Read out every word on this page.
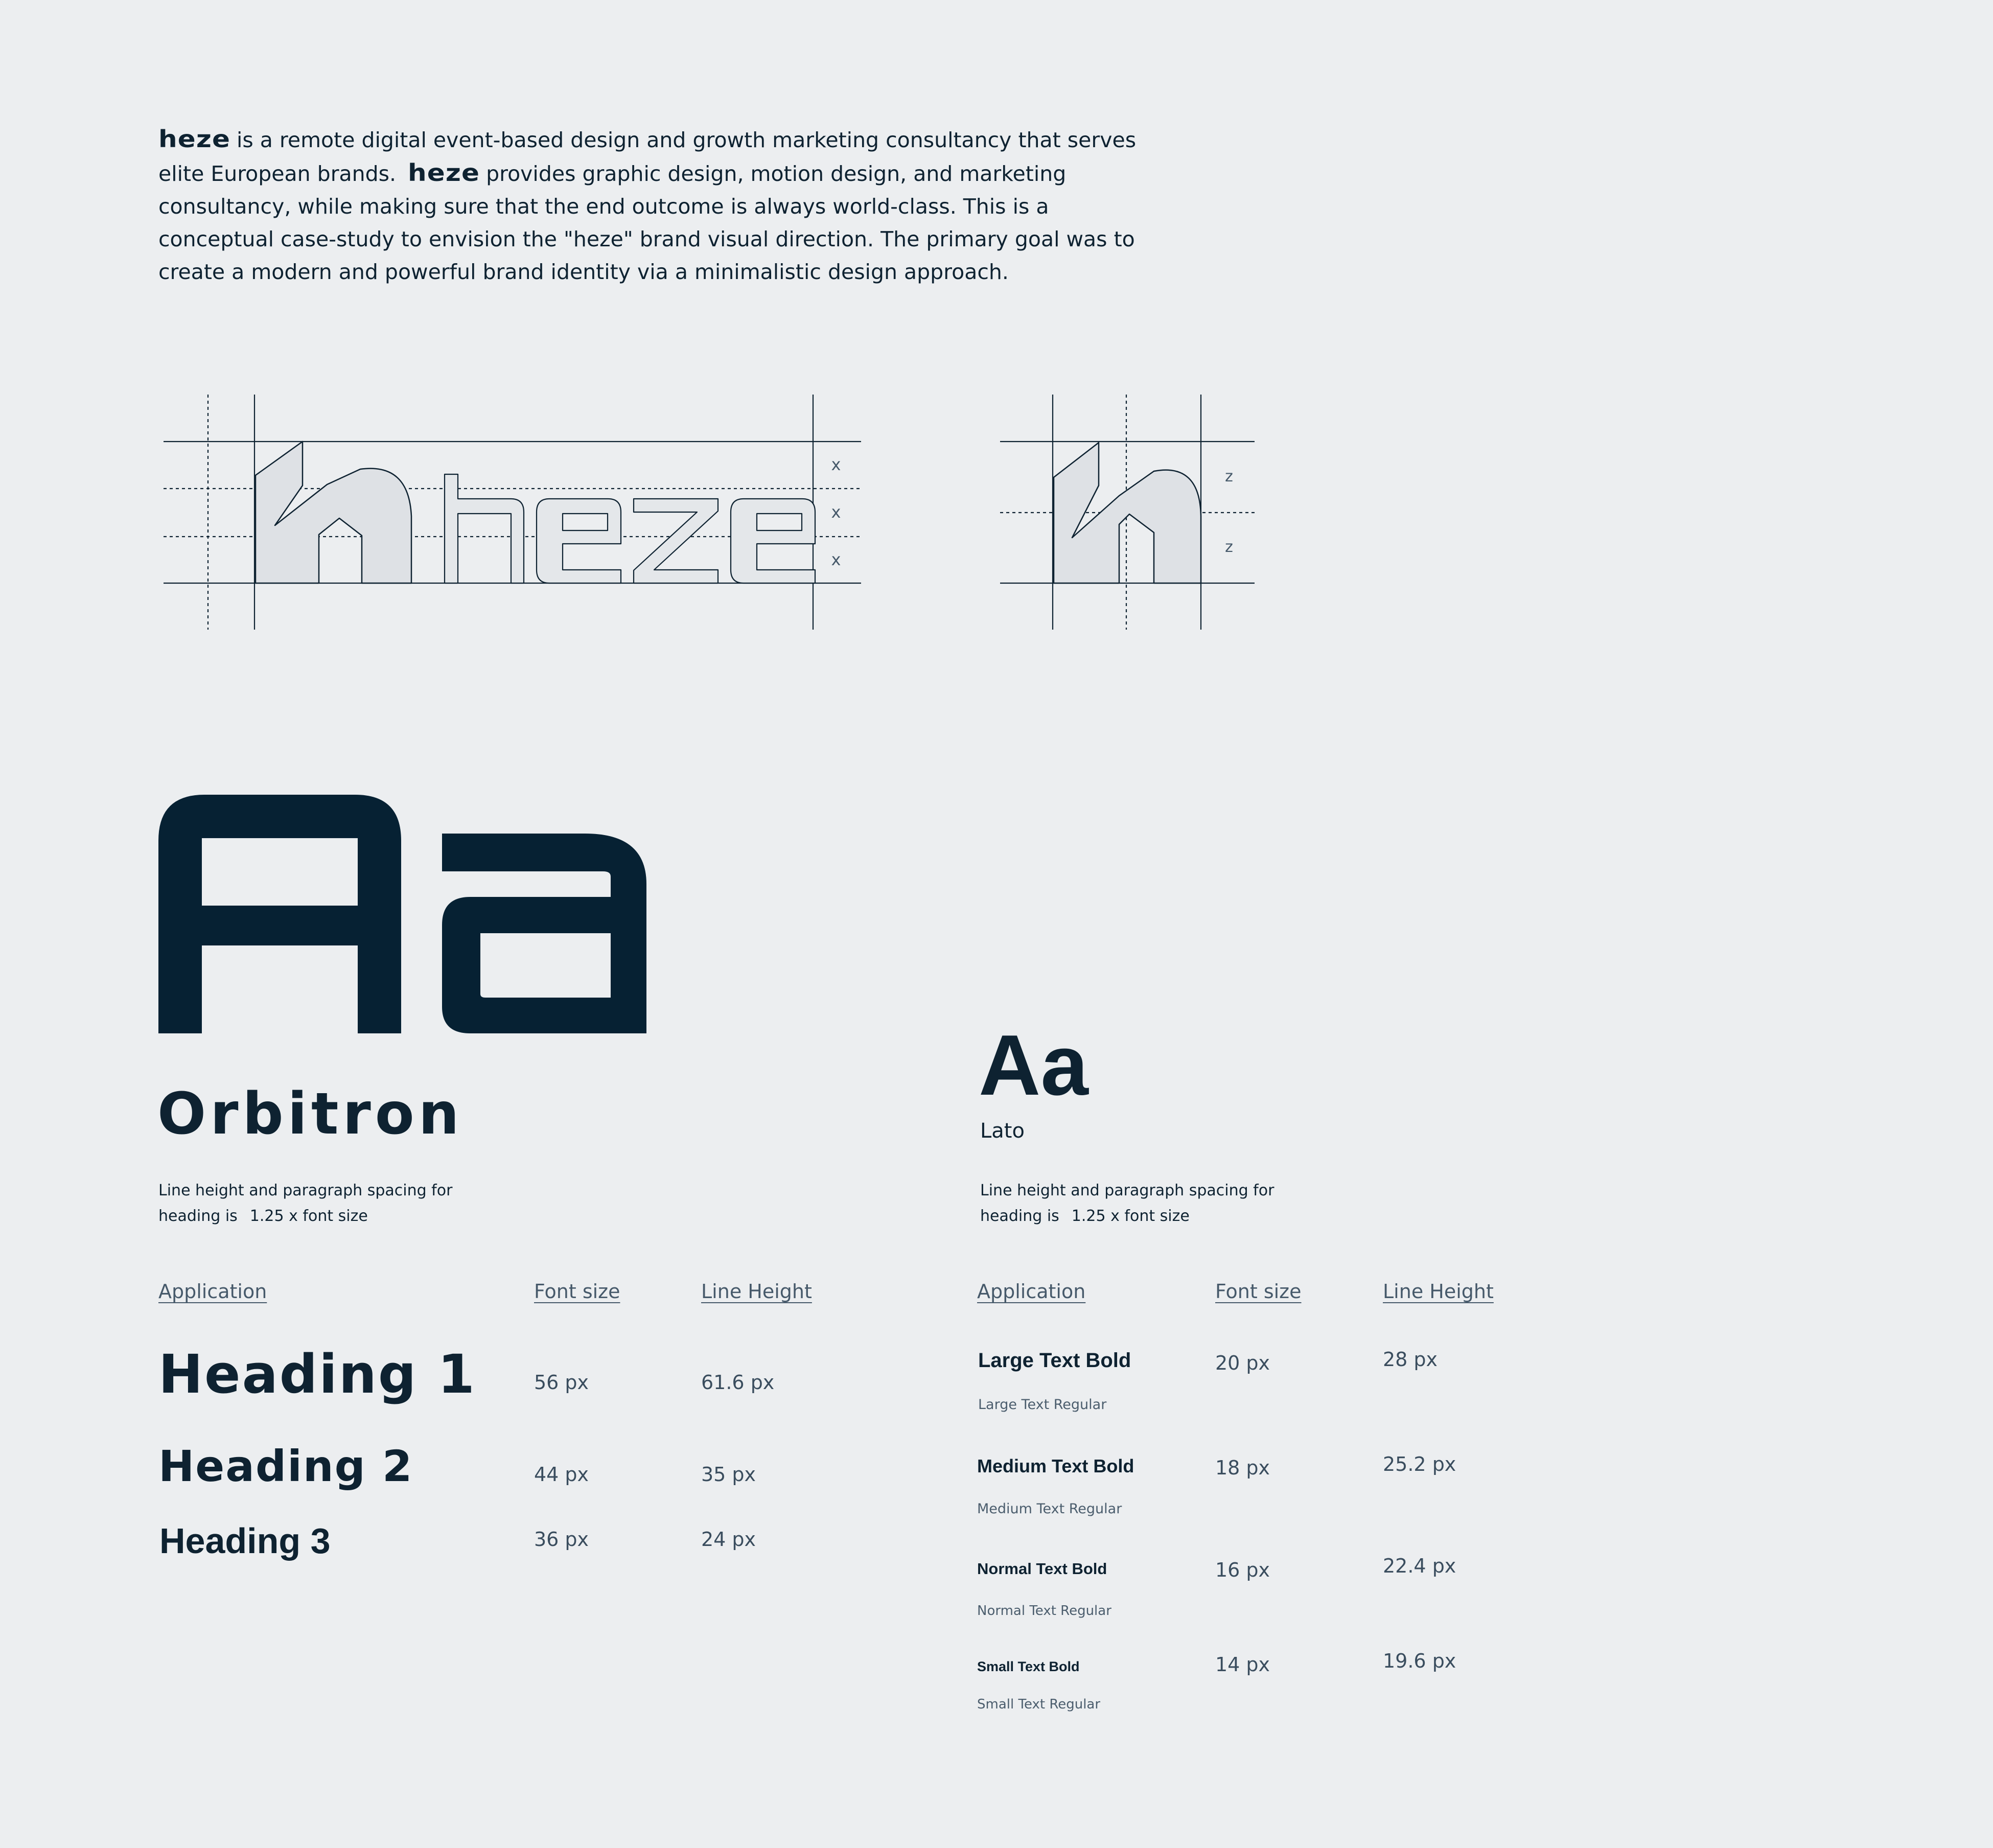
heze is a remote digital event-based design and growth marketing consultancy that serves elite European brands. heze provides graphic design, motion design, and marketing consultancy, while making sure that the end outcome is always world-class. This is a conceptual case-study to envision the "heze" brand visual direction. The primary goal was to create a modern and powerful brand identity via a minimalistic design approach.
x
x
x
z
z
Orbitron
Aa
Lato
Line height and paragraph spacing for heading is 1.25 x font size
Line height and paragraph spacing for heading is 1.25 x font size
Application	Font size	Line Height
Heading 1	56 px	61.6 px
Heading 2	44 px	35 px
Heading 3	36 px	24 px
Application	Font size	Line Height
Large Text Bold
Large Text Regular
20 px	28 px
Medium Text Bold
Medium Text Regular
18 px	25.2 px
Normal Text Bold
Normal Text Regular
16 px	22.4 px
Small Text Bold
Small Text Regular
14 px	19.6 px
